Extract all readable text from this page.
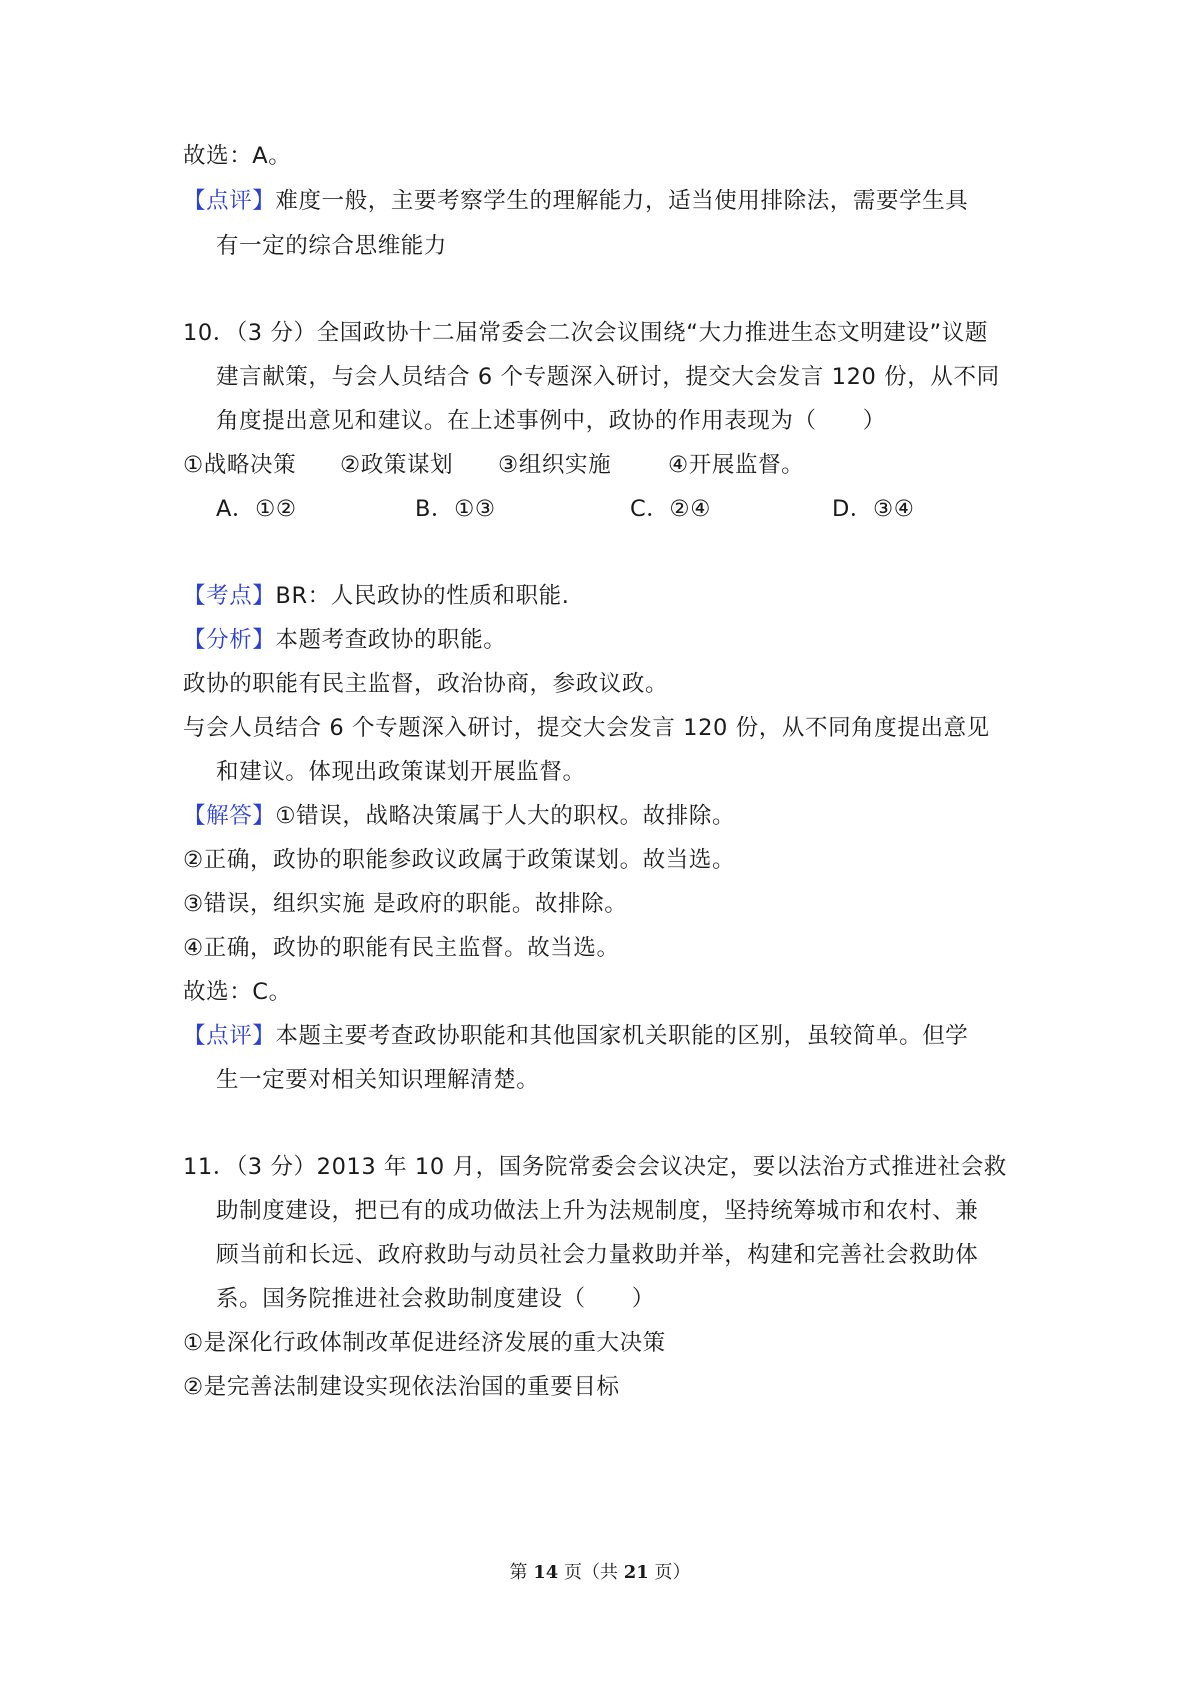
故选：A。
【点评】难度一般，主要考察学生的理解能力，适当使用排除法，需要学生具
有一定的综合思维能力
10．（3 分）全国政协十二届常委会二次会议围绕“大力推进生态文明建设”议题
建言献策，与会人员结合 6 个专题深入研讨，提交大会发言 120 份，从不同
角度提出意见和建议。在上述事例中，政协的作用表现为（　　）
①战略决策 ②政策谋划 ③组织实施	④开展监督。
A．①②	B．①③	C．②④	D．③④
【考点】BR：人民政协的性质和职能.
【分析】本题考查政协的职能。
政协的职能有民主监督，政治协商，参政议政。
与会人员结合 6 个专题深入研讨，提交大会发言 120 份，从不同角度提出意见
和建议。体现出政策谋划开展监督。
【解答】①错误，战略决策属于人大的职权。故排除。
②正确，政协的职能参政议政属于政策谋划。故当选。
③错误，组织实施 是政府的职能。故排除。
④正确，政协的职能有民主监督。故当选。
故选：C。
【点评】本题主要考查政协职能和其他国家机关职能的区别，虽较简单。但学
生一定要对相关知识理解清楚。
11．（3 分）2013 年 10 月，国务院常委会会议决定，要以法治方式推进社会救
助制度建设，把已有的成功做法上升为法规制度，坚持统筹城市和农村、兼
顾当前和长远、政府救助与动员社会力量救助并举，构建和完善社会救助体
系。国务院推进社会救助制度建设（　　）
①是深化行政体制改革促进经济发展的重大决策
②是完善法制建设实现依法治国的重要目标
第 14 页（共 21 页）
